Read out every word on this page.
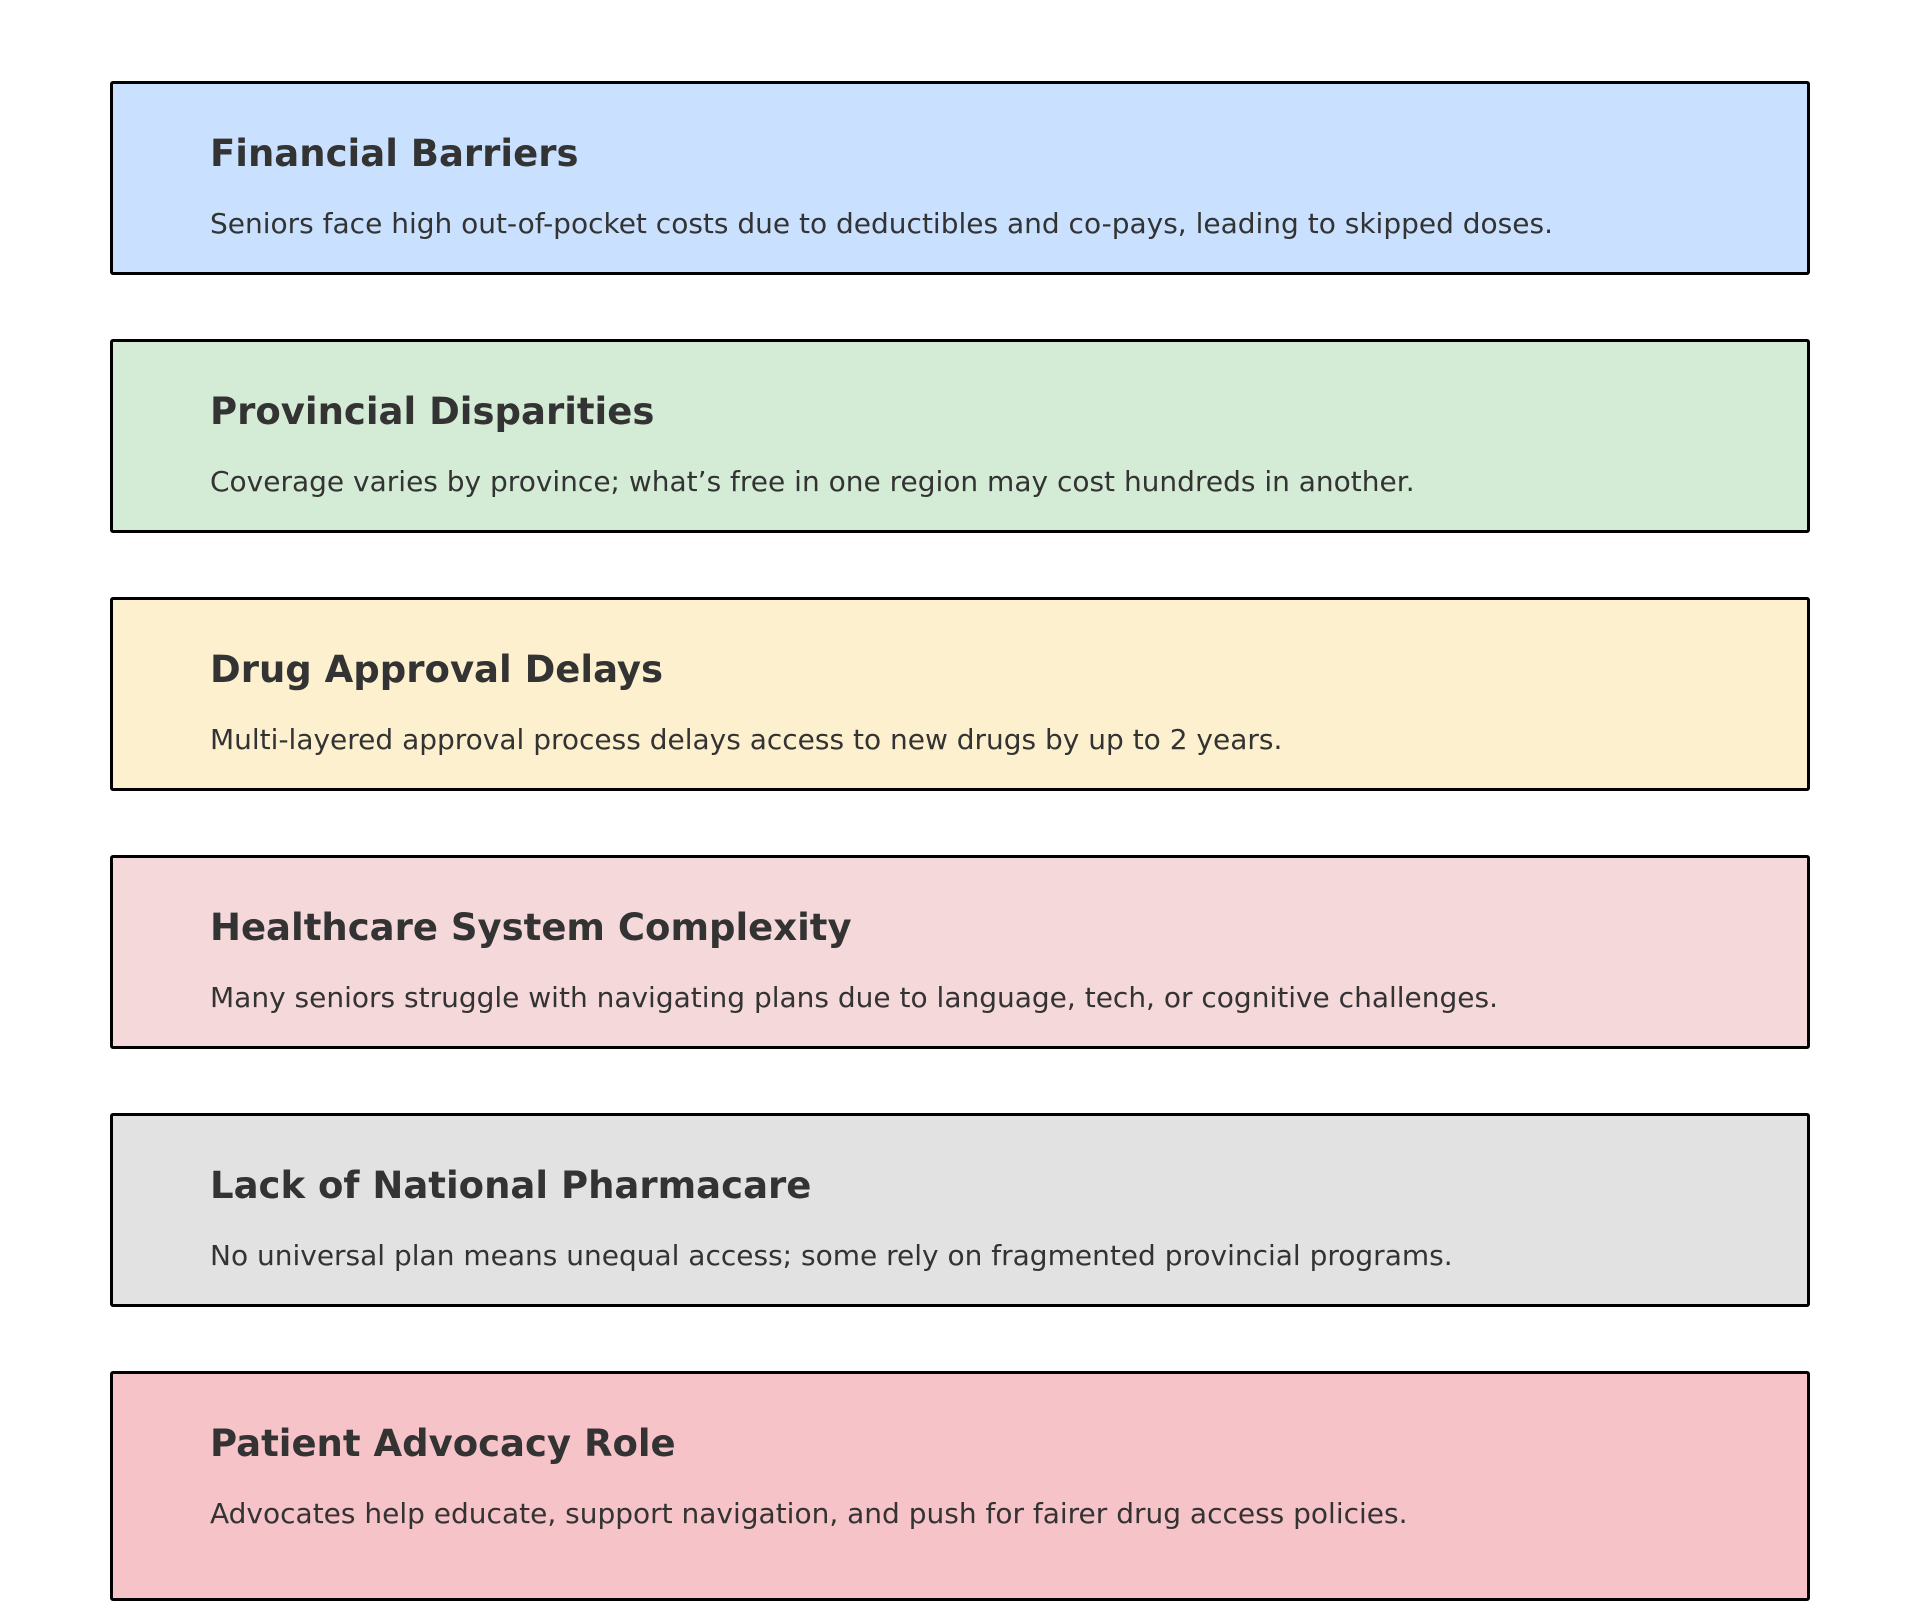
Financial Barriers

Seniors face high out-of-pocket costs due to deductibles and co-pays, leading to skipped doses.

Provincial Disparities

Coverage varies by province; what’s free in one region may cost hundreds in another.

Drug Approval Delays

Multi-layered approval process delays access to new drugs by up to 2 years.

Healthcare System Complexity

Many seniors struggle with navigating plans due to language, tech, or cognitive challenges.

Lack of National Pharmacare

No universal plan means unequal access; some rely on fragmented provincial programs.

Patient Advocacy Role

Advocates help educate, support navigation, and push for fairer drug access policies.
